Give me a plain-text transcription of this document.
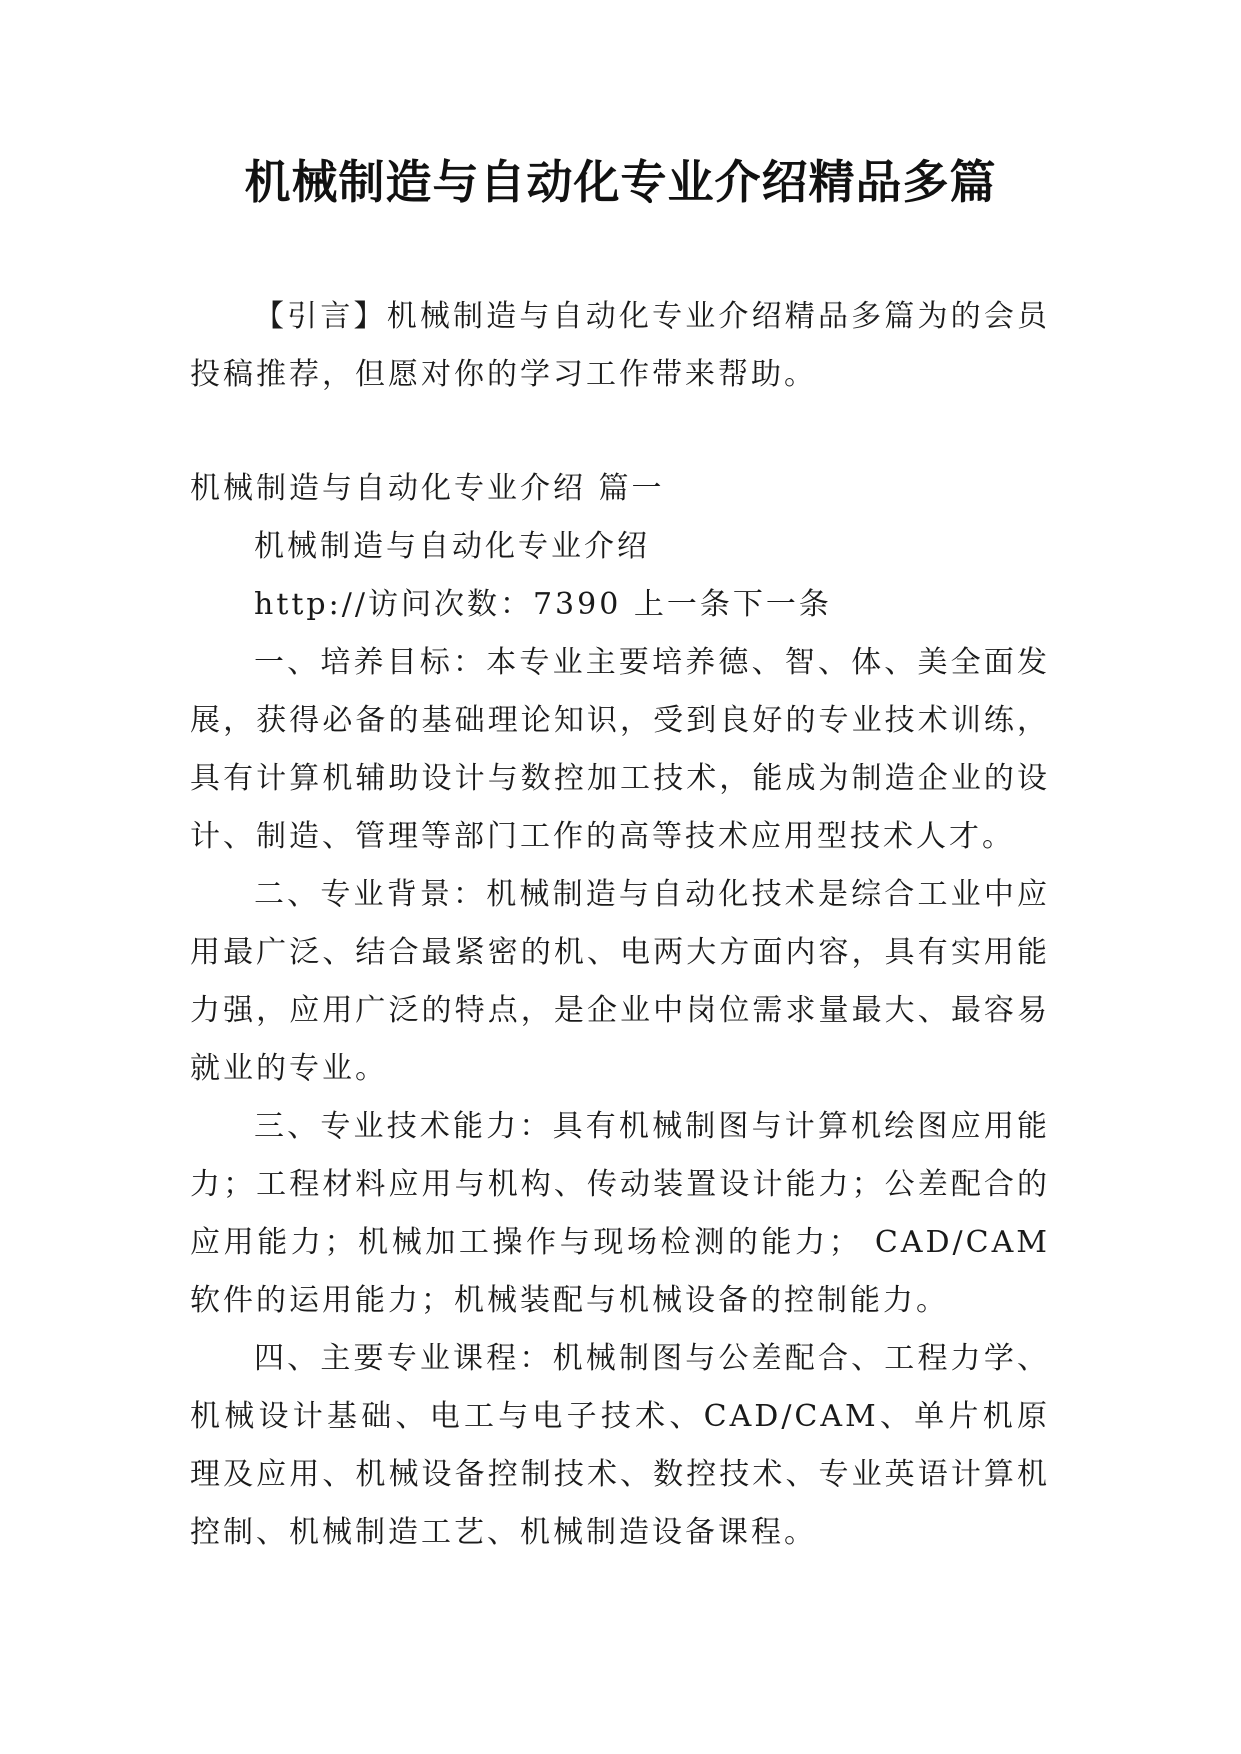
机械制造与自动化专业介绍精品多篇

【引言】机械制造与自动化专业介绍精品多篇为的会员投稿推荐，但愿对你的学习工作带来帮助。

机械制造与自动化专业介绍 篇一

机械制造与自动化专业介绍

http://访问次数：7390 上一条下一条

一、培养目标：本专业主要培养德、智、体、美全面发展，获得必备的基础理论知识，受到良好的专业技术训练，具有计算机辅助设计与数控加工技术，能成为制造企业的设计、制造、管理等部门工作的高等技术应用型技术人才。

二、专业背景：机械制造与自动化技术是综合工业中应用最广泛、结合最紧密的机、电两大方面内容，具有实用能力强，应用广泛的特点，是企业中岗位需求量最大、最容易就业的专业。

三、专业技术能力：具有机械制图与计算机绘图应用能力；工程材料应用与机构、传动装置设计能力；公差配合的应用能力；机械加工操作与现场检测的能力； CAD/CAM软件的运用能力；机械装配与机械设备的控制能力。

四、主要专业课程：机械制图与公差配合、工程力学、机械设计基础、电工与电子技术、CAD/CAM、单片机原理及应用、机械设备控制技术、数控技术、专业英语计算机控制、机械制造工艺、机械制造设备课程。
